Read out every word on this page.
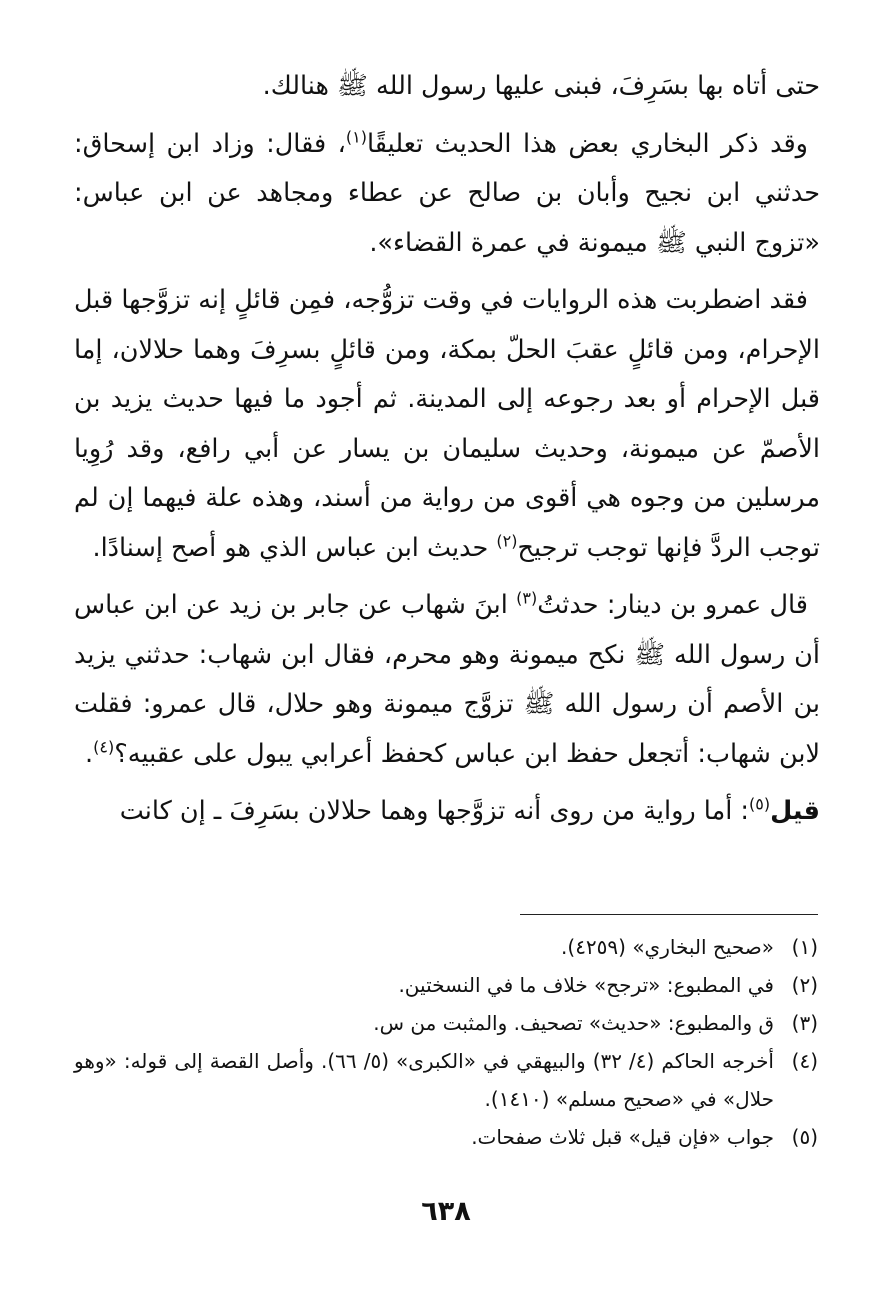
حتى أتاه بها بسَرِفَ، فبنى عليها رسول الله ﷺ هنالك.

وقد ذكر البخاري بعض هذا الحديث تعليقًا$^{(١)}$، فقال: وزاد ابن إسحاق: حدثني ابن نجيح وأبان بن صالح عن عطاء ومجاهد عن ابن عباس: «تزوج النبي ﷺ ميمونة في عمرة القضاء».

فقد اضطربت هذه الروايات في وقت تزوُّجه، فمِن قائلٍ إنه تزوَّجها قبل الإحرام، ومن قائلٍ عقبَ الحلّ بمكة، ومن قائلٍ بسرِفَ وهما حلالان، إما قبل الإحرام أو بعد رجوعه إلى المدينة. ثم أجود ما فيها حديث يزيد بن الأصمّ عن ميمونة، وحديث سليمان بن يسار عن أبي رافع، وقد رُوِيا مرسلين من وجوه هي أقوى من رواية من أسند، وهذه علة فيهما إن لم توجب الردَّ فإنها توجب ترجيح$^{(٢)}$ حديث ابن عباس الذي هو أصح إسنادًا.

قال عمرو بن دينار: حدثتُ$^{(٣)}$ ابنَ شهاب عن جابر بن زيد عن ابن عباس أن رسول الله ﷺ نكح ميمونة وهو محرم، فقال ابن شهاب: حدثني يزيد بن الأصم أن رسول الله ﷺ تزوَّج ميمونة وهو حلال، قال عمرو: فقلت لابن شهاب: أتجعل حفظ ابن عباس كحفظ أعرابي يبول على عقبيه؟$^{(٤)}$.

قيل$^{(٥)}$: أما رواية من روى أنه تزوَّجها وهما حلالان بسَرِفَ ـ إن كانت

(١)
«صحيح البخاري» (٤٢٥٩).
(٢)
في المطبوع: «ترجح» خلاف ما في النسختين.
(٣)
ق والمطبوع: «حديث» تصحيف. والمثبت من س.
(٤)
أخرجه الحاكم (٤/ ٣٢) والبيهقي في «الكبرى» (٥/ ٦٦). وأصل القصة إلى قوله: «وهو حلال» في «صحيح مسلم» (١٤١٠).
(٥)
جواب «فإن قيل» قبل ثلاث صفحات.
٦٣٨
